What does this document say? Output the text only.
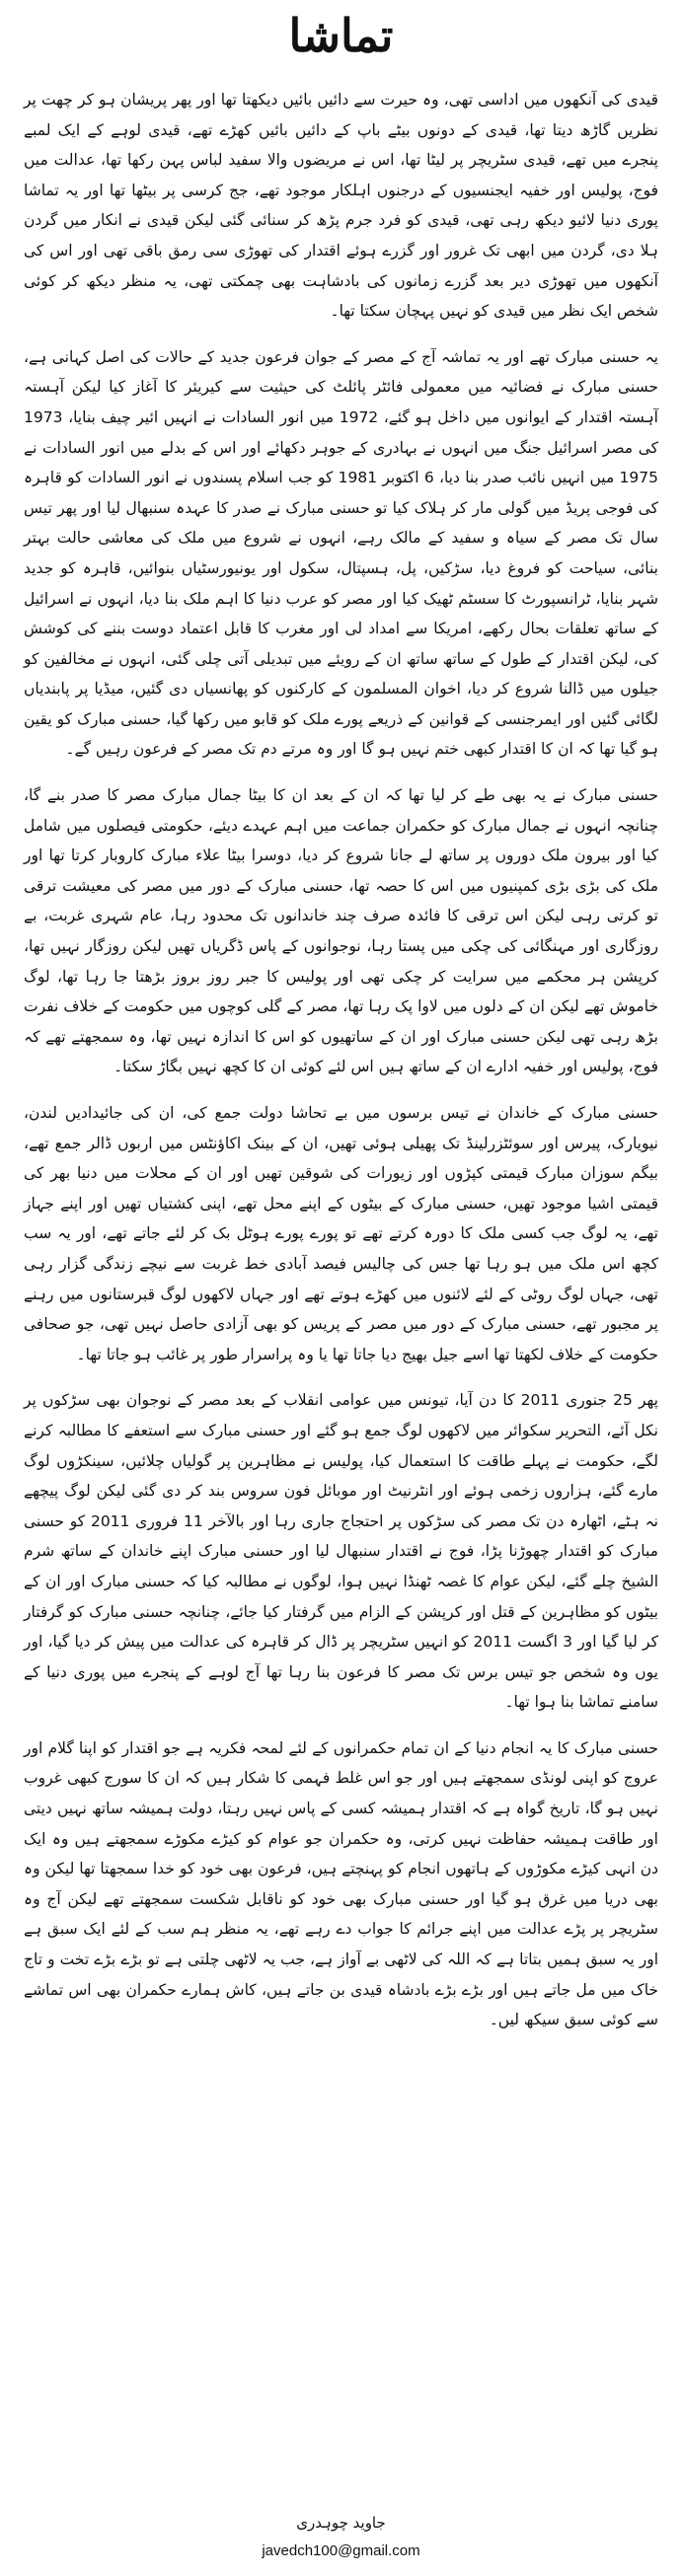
تماشا

قیدی کی آنکھوں میں اداسی تھی، وہ حیرت سے دائیں بائیں دیکھتا تھا اور پھر پریشان ہو کر چھت پر نظریں گاڑھ دیتا تھا، قیدی کے دونوں بیٹے باپ کے دائیں بائیں کھڑے تھے، قیدی لوہے کے ایک لمبے پنجرے میں تھے، قیدی سٹریچر پر لیٹا تھا، اس نے مریضوں والا سفید لباس پہن رکھا تھا، عدالت میں فوج، پولیس اور خفیہ ایجنسیوں کے درجنوں اہلکار موجود تھے، جج کرسی پر بیٹھا تھا اور یہ تماشا پوری دنیا لائیو دیکھ رہی تھی، قیدی کو فرد جرم پڑھ کر سنائی گئی لیکن قیدی نے انکار میں گردن ہلا دی، گردن میں ابھی تک غرور اور گزرے ہوئے اقتدار کی تھوڑی سی رمق باقی تھی اور اس کی آنکھوں میں تھوڑی دیر بعد گزرے زمانوں کی بادشاہت بھی چمکتی تھی، یہ منظر دیکھ کر کوئی شخص ایک نظر میں قیدی کو نہیں پہچان سکتا تھا۔

یہ حسنی مبارک تھے اور یہ تماشہ آج کے مصر کے جوان فرعون جدید کے حالات کی اصل کہانی ہے، حسنی مبارک نے فضائیہ میں معمولی فائٹر پائلٹ کی حیثیت سے کیریئر کا آغاز کیا لیکن آہستہ آہستہ اقتدار کے ایوانوں میں داخل ہو گئے، 1972 میں انور السادات نے انہیں ائیر چیف بنایا، 1973 کی مصر اسرائیل جنگ میں انہوں نے بہادری کے جوہر دکھائے اور اس کے بدلے میں انور السادات نے 1975 میں انہیں نائب صدر بنا دیا، 6 اکتوبر 1981 کو جب اسلام پسندوں نے انور السادات کو قاہرہ کی فوجی پریڈ میں گولی مار کر ہلاک کیا تو حسنی مبارک نے صدر کا عہدہ سنبھال لیا اور پھر تیس سال تک مصر کے سیاہ و سفید کے مالک رہے، انہوں نے شروع میں ملک کی معاشی حالت بہتر بنائی، سیاحت کو فروغ دیا، سڑکیں، پل، ہسپتال، سکول اور یونیورسٹیاں بنوائیں، قاہرہ کو جدید شہر بنایا، ٹرانسپورٹ کا سسٹم ٹھیک کیا اور مصر کو عرب دنیا کا اہم ملک بنا دیا، انہوں نے اسرائیل کے ساتھ تعلقات بحال رکھے، امریکا سے امداد لی اور مغرب کا قابل اعتماد دوست بننے کی کوشش کی، لیکن اقتدار کے طول کے ساتھ ساتھ ان کے رویئے میں تبدیلی آتی چلی گئی، انہوں نے مخالفین کو جیلوں میں ڈالنا شروع کر دیا، اخوان المسلمون کے کارکنوں کو پھانسیاں دی گئیں، میڈیا پر پابندیاں لگائی گئیں اور ایمرجنسی کے قوانین کے ذریعے پورے ملک کو قابو میں رکھا گیا، حسنی مبارک کو یقین ہو گیا تھا کہ ان کا اقتدار کبھی ختم نہیں ہو گا اور وہ مرتے دم تک مصر کے فرعون رہیں گے۔

حسنی مبارک نے یہ بھی طے کر لیا تھا کہ ان کے بعد ان کا بیٹا جمال مبارک مصر کا صدر بنے گا، چنانچہ انہوں نے جمال مبارک کو حکمران جماعت میں اہم عہدے دیئے، حکومتی فیصلوں میں شامل کیا اور بیرون ملک دوروں پر ساتھ لے جانا شروع کر دیا، دوسرا بیٹا علاء مبارک کاروبار کرتا تھا اور ملک کی بڑی بڑی کمپنیوں میں اس کا حصہ تھا، حسنی مبارک کے دور میں مصر کی معیشت ترقی تو کرتی رہی لیکن اس ترقی کا فائدہ صرف چند خاندانوں تک محدود رہا، عام شہری غربت، بے روزگاری اور مہنگائی کی چکی میں پستا رہا، نوجوانوں کے پاس ڈگریاں تھیں لیکن روزگار نہیں تھا، کرپشن ہر محکمے میں سرایت کر چکی تھی اور پولیس کا جبر روز بروز بڑھتا جا رہا تھا، لوگ خاموش تھے لیکن ان کے دلوں میں لاوا پک رہا تھا، مصر کے گلی کوچوں میں حکومت کے خلاف نفرت بڑھ رہی تھی لیکن حسنی مبارک اور ان کے ساتھیوں کو اس کا اندازہ نہیں تھا، وہ سمجھتے تھے کہ فوج، پولیس اور خفیہ ادارے ان کے ساتھ ہیں اس لئے کوئی ان کا کچھ نہیں بگاڑ سکتا۔

حسنی مبارک کے خاندان نے تیس برسوں میں بے تحاشا دولت جمع کی، ان کی جائیدادیں لندن، نیویارک، پیرس اور سوئٹزرلینڈ تک پھیلی ہوئی تھیں، ان کے بینک اکاؤنٹس میں اربوں ڈالر جمع تھے، بیگم سوزان مبارک قیمتی کپڑوں اور زیورات کی شوقین تھیں اور ان کے محلات میں دنیا بھر کی قیمتی اشیا موجود تھیں، حسنی مبارک کے بیٹوں کے اپنے محل تھے، اپنی کشتیاں تھیں اور اپنے جہاز تھے، یہ لوگ جب کسی ملک کا دورہ کرتے تھے تو پورے پورے ہوٹل بک کر لئے جاتے تھے، اور یہ سب کچھ اس ملک میں ہو رہا تھا جس کی چالیس فیصد آبادی خط غربت سے نیچے زندگی گزار رہی تھی، جہاں لوگ روٹی کے لئے لائنوں میں کھڑے ہوتے تھے اور جہاں لاکھوں لوگ قبرستانوں میں رہنے پر مجبور تھے، حسنی مبارک کے دور میں مصر کے پریس کو بھی آزادی حاصل نہیں تھی، جو صحافی حکومت کے خلاف لکھتا تھا اسے جیل بھیج دیا جاتا تھا یا وہ پراسرار طور پر غائب ہو جاتا تھا۔

پھر 25 جنوری 2011 کا دن آیا، تیونس میں عوامی انقلاب کے بعد مصر کے نوجوان بھی سڑکوں پر نکل آئے، التحریر سکوائر میں لاکھوں لوگ جمع ہو گئے اور حسنی مبارک سے استعفے کا مطالبہ کرنے لگے، حکومت نے پہلے طاقت کا استعمال کیا، پولیس نے مظاہرین پر گولیاں چلائیں، سینکڑوں لوگ مارے گئے، ہزاروں زخمی ہوئے اور انٹرنیٹ اور موبائل فون سروس بند کر دی گئی لیکن لوگ پیچھے نہ ہٹے، اٹھارہ دن تک مصر کی سڑکوں پر احتجاج جاری رہا اور بالآخر 11 فروری 2011 کو حسنی مبارک کو اقتدار چھوڑنا پڑا، فوج نے اقتدار سنبھال لیا اور حسنی مبارک اپنے خاندان کے ساتھ شرم الشیخ چلے گئے، لیکن عوام کا غصہ ٹھنڈا نہیں ہوا، لوگوں نے مطالبہ کیا کہ حسنی مبارک اور ان کے بیٹوں کو مظاہرین کے قتل اور کرپشن کے الزام میں گرفتار کیا جائے، چنانچہ حسنی مبارک کو گرفتار کر لیا گیا اور 3 اگست 2011 کو انہیں سٹریچر پر ڈال کر قاہرہ کی عدالت میں پیش کر دیا گیا، اور یوں وہ شخص جو تیس برس تک مصر کا فرعون بنا رہا تھا آج لوہے کے پنجرے میں پوری دنیا کے سامنے تماشا بنا ہوا تھا۔

حسنی مبارک کا یہ انجام دنیا کے ان تمام حکمرانوں کے لئے لمحہ فکریہ ہے جو اقتدار کو اپنا گلام اور عروج کو اپنی لونڈی سمجھتے ہیں اور جو اس غلط فہمی کا شکار ہیں کہ ان کا سورج کبھی غروب نہیں ہو گا، تاریخ گواہ ہے کہ اقتدار ہمیشہ کسی کے پاس نہیں رہتا، دولت ہمیشہ ساتھ نہیں دیتی اور طاقت ہمیشہ حفاظت نہیں کرتی، وہ حکمران جو عوام کو کیڑے مکوڑے سمجھتے ہیں وہ ایک دن انہی کیڑے مکوڑوں کے ہاتھوں انجام کو پہنچتے ہیں، فرعون بھی خود کو خدا سمجھتا تھا لیکن وہ بھی دریا میں غرق ہو گیا اور حسنی مبارک بھی خود کو ناقابل شکست سمجھتے تھے لیکن آج وہ سٹریچر پر پڑے عدالت میں اپنے جرائم کا جواب دے رہے تھے، یہ منظر ہم سب کے لئے ایک سبق ہے اور یہ سبق ہمیں بتاتا ہے کہ اللہ کی لاٹھی بے آواز ہے، جب یہ لاٹھی چلتی ہے تو بڑے بڑے تخت و تاج خاک میں مل جاتے ہیں اور بڑے بڑے بادشاہ قیدی بن جاتے ہیں، کاش ہمارے حکمران بھی اس تماشے سے کوئی سبق سیکھ لیں۔

جاوید چوہدری
javedch100@gmail.com
